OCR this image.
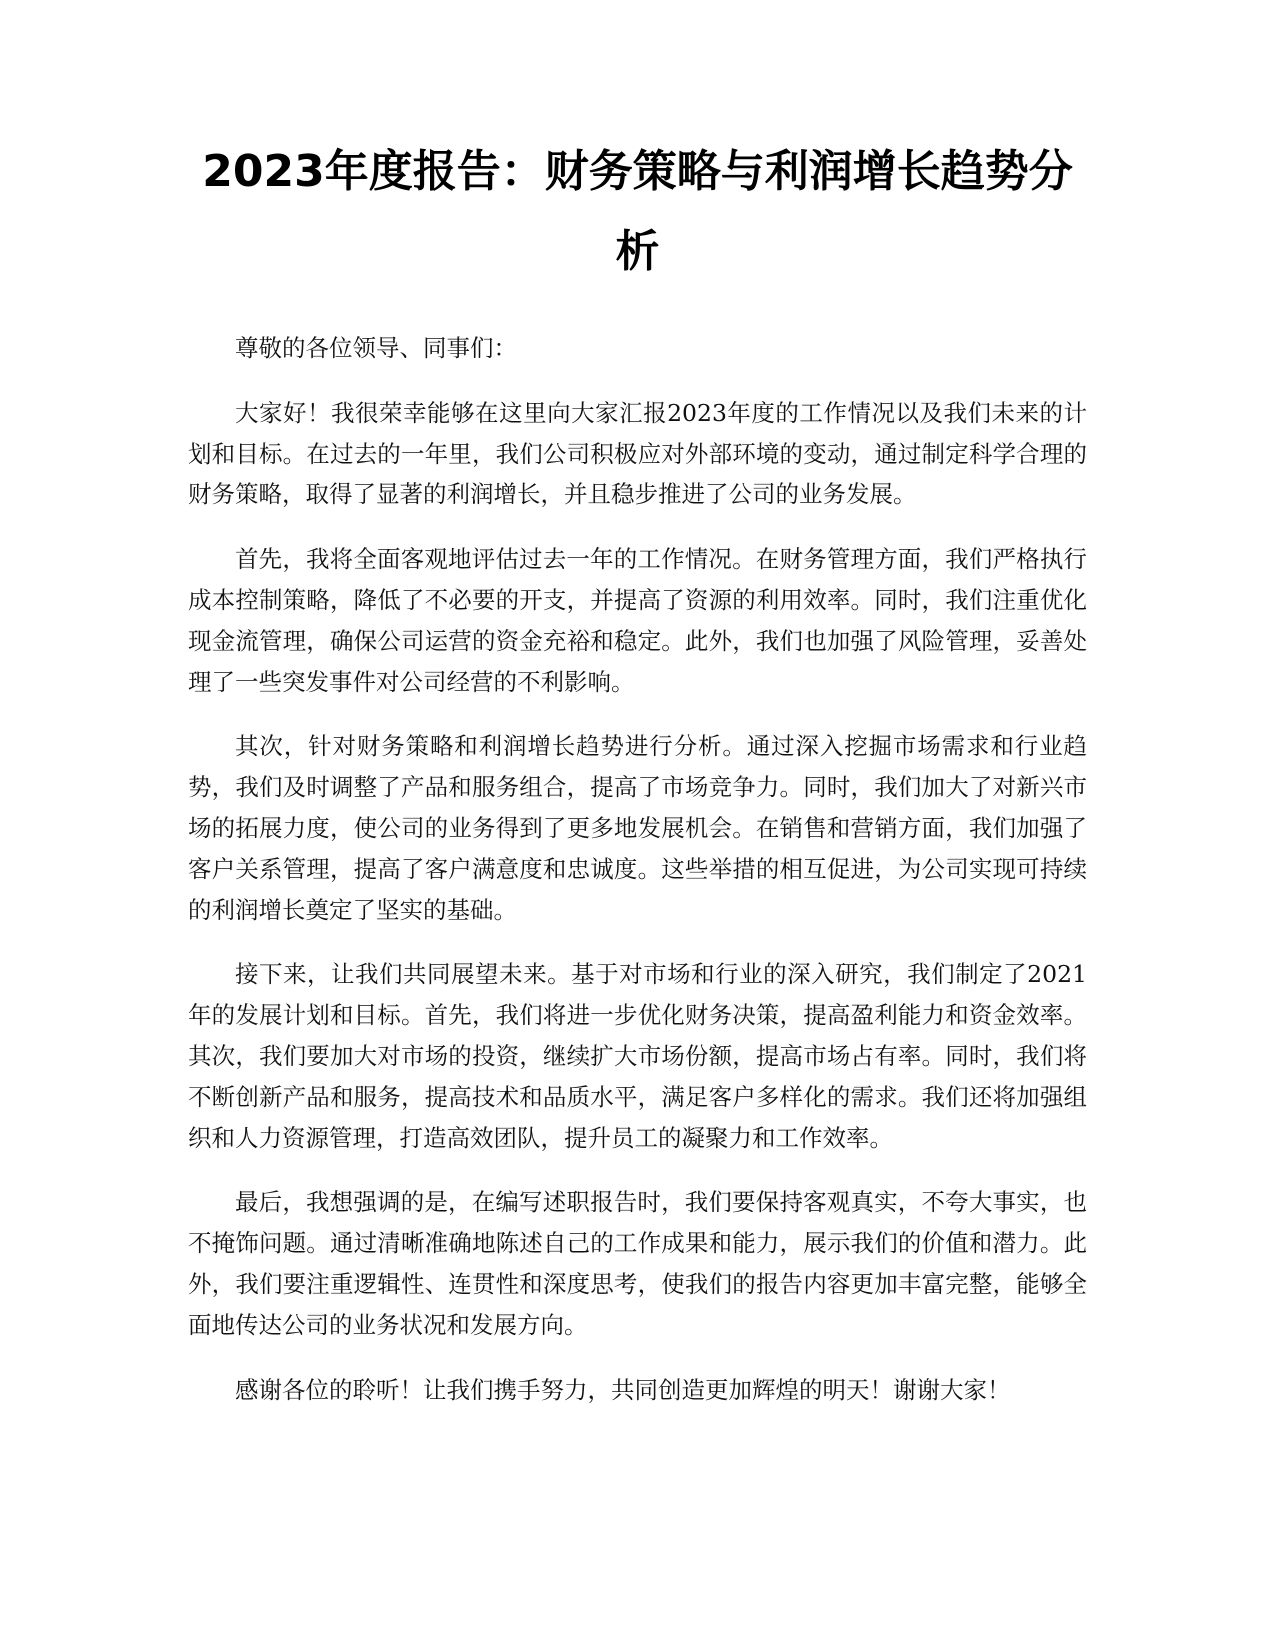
2023年度报告：财务策略与利润增长趋势分析

尊敬的各位领导、同事们：

大家好！我很荣幸能够在这里向大家汇报2023年度的工作情况以及我们未来的计划和目标。在过去的一年里，我们公司积极应对外部环境的变动，通过制定科学合理的财务策略，取得了显著的利润增长，并且稳步推进了公司的业务发展。

首先，我将全面客观地评估过去一年的工作情况。在财务管理方面，我们严格执行成本控制策略，降低了不必要的开支，并提高了资源的利用效率。同时，我们注重优化现金流管理，确保公司运营的资金充裕和稳定。此外，我们也加强了风险管理，妥善处理了一些突发事件对公司经营的不利影响。

其次，针对财务策略和利润增长趋势进行分析。通过深入挖掘市场需求和行业趋势，我们及时调整了产品和服务组合，提高了市场竞争力。同时，我们加大了对新兴市场的拓展力度，使公司的业务得到了更多地发展机会。在销售和营销方面，我们加强了客户关系管理，提高了客户满意度和忠诚度。这些举措的相互促进，为公司实现可持续的利润增长奠定了坚实的基础。

接下来，让我们共同展望未来。基于对市场和行业的深入研究，我们制定了2021年的发展计划和目标。首先，我们将进一步优化财务决策，提高盈利能力和资金效率。其次，我们要加大对市场的投资，继续扩大市场份额，提高市场占有率。同时，我们将不断创新产品和服务，提高技术和品质水平，满足客户多样化的需求。我们还将加强组织和人力资源管理，打造高效团队，提升员工的凝聚力和工作效率。

最后，我想强调的是，在编写述职报告时，我们要保持客观真实，不夸大事实，也不掩饰问题。通过清晰准确地陈述自己的工作成果和能力，展示我们的价值和潜力。此外，我们要注重逻辑性、连贯性和深度思考，使我们的报告内容更加丰富完整，能够全面地传达公司的业务状况和发展方向。

感谢各位的聆听！让我们携手努力，共同创造更加辉煌的明天！谢谢大家！
